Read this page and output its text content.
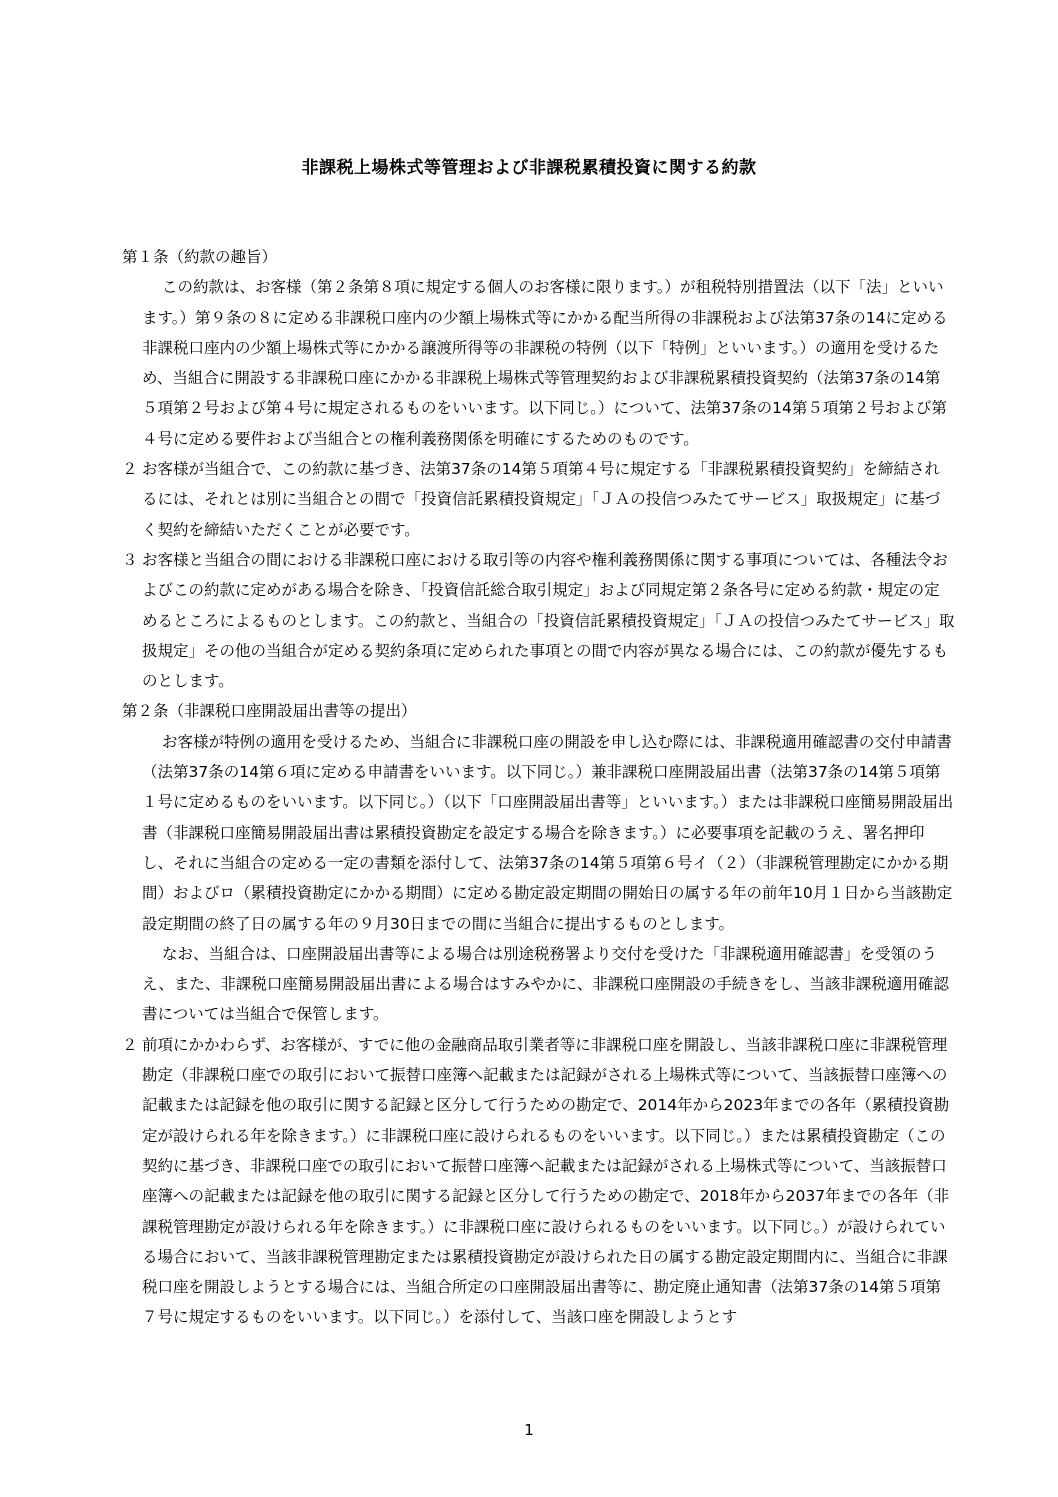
非課税上場株式等管理および非課税累積投資に関する約款

第１条（約款の趣旨）

この約款は、お客様（第２条第８項に規定する個人のお客様に限ります。）が租税特別措置法（以下「法」といいます。）第９条の８に定める非課税口座内の少額上場株式等にかかる配当所得の非課税および法第37条の14に定める非課税口座内の少額上場株式等にかかる譲渡所得等の非課税の特例（以下「特例」といいます。）の適用を受けるため、当組合に開設する非課税口座にかかる非課税上場株式等管理契約および非課税累積投資契約（法第37条の14第５項第２号および第４号に規定されるものをいいます。以下同じ。）について、法第37条の14第５項第２号および第４号に定める要件および当組合との権利義務関係を明確にするためのものです。

２ お客様が当組合で、この約款に基づき、法第37条の14第５項第４号に規定する「非課税累積投資契約」を締結されるには、それとは別に当組合との間で「投資信託累積投資規定」「ＪＡの投信つみたてサービス」取扱規定」に基づく契約を締結いただくことが必要です。

３ お客様と当組合の間における非課税口座における取引等の内容や権利義務関係に関する事項については、各種法令およびこの約款に定めがある場合を除き、「投資信託総合取引規定」および同規定第２条各号に定める約款・規定の定めるところによるものとします。この約款と、当組合の「投資信託累積投資規定」「ＪＡの投信つみたてサービス」取扱規定」その他の当組合が定める契約条項に定められた事項との間で内容が異なる場合には、この約款が優先するものとします。

第２条（非課税口座開設届出書等の提出）

お客様が特例の適用を受けるため、当組合に非課税口座の開設を申し込む際には、非課税適用確認書の交付申請書（法第37条の14第６項に定める申請書をいいます。以下同じ。）兼非課税口座開設届出書（法第37条の14第５項第１号に定めるものをいいます。以下同じ。）（以下「口座開設届出書等」といいます。）または非課税口座簡易開設届出書（非課税口座簡易開設届出書は累積投資勘定を設定する場合を除きます。）に必要事項を記載のうえ、署名押印し、それに当組合の定める一定の書類を添付して、法第37条の14第５項第６号イ（２）（非課税管理勘定にかかる期間）およびロ（累積投資勘定にかかる期間）に定める勘定設定期間の開始日の属する年の前年10月１日から当該勘定設定期間の終了日の属する年の９月30日までの間に当組合に提出するものとします。

なお、当組合は、口座開設届出書等による場合は別途税務署より交付を受けた「非課税適用確認書」を受領のうえ、また、非課税口座簡易開設届出書による場合はすみやかに、非課税口座開設の手続きをし、当該非課税適用確認書については当組合で保管します。

２ 前項にかかわらず、お客様が、すでに他の金融商品取引業者等に非課税口座を開設し、当該非課税口座に非課税管理勘定（非課税口座での取引において振替口座簿へ記載または記録がされる上場株式等について、当該振替口座簿への記載または記録を他の取引に関する記録と区分して行うための勘定で、2014年から2023年までの各年（累積投資勘定が設けられる年を除きます。）に非課税口座に設けられるものをいいます。以下同じ。）または累積投資勘定（この契約に基づき、非課税口座での取引において振替口座簿へ記載または記録がされる上場株式等について、当該振替口座簿への記載または記録を他の取引に関する記録と区分して行うための勘定で、2018年から2037年までの各年（非課税管理勘定が設けられる年を除きます。）に非課税口座に設けられるものをいいます。以下同じ。）が設けられている場合において、当該非課税管理勘定または累積投資勘定が設けられた日の属する勘定設定期間内に、当組合に非課税口座を開設しようとする場合には、当組合所定の口座開設届出書等に、勘定廃止通知書（法第37条の14第５項第７号に規定するものをいいます。以下同じ。）を添付して、当該口座を開設しようとす

1
